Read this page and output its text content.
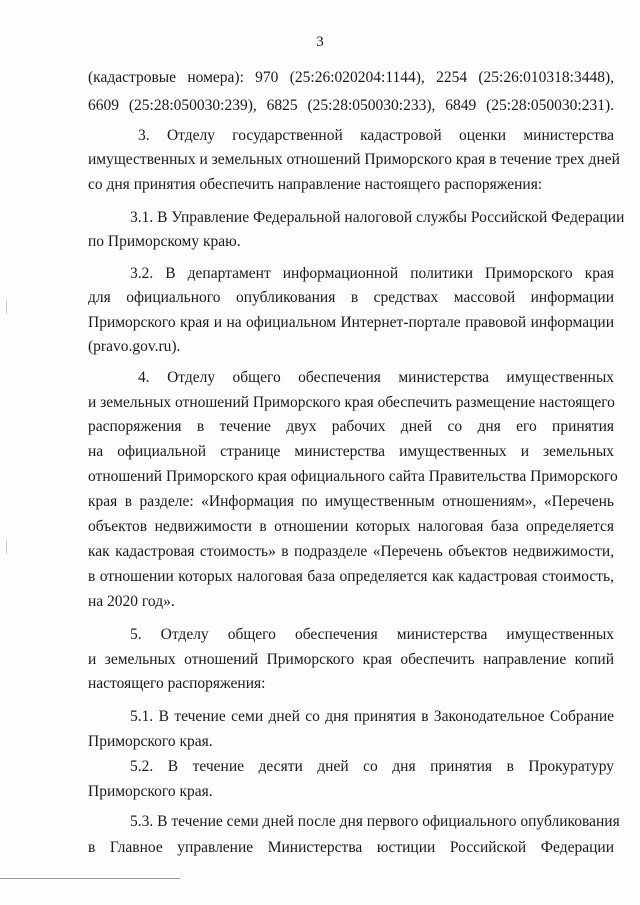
3
(кадастровые номера): 970 (25:26:020204:1144), 2254 (25:26:010318:3448),
6609 (25:28:050030:239), 6825 (25:28:050030:233), 6849 (25:28:050030:231).
3. Отделу государственной кадастровой оценки министерства
имущественных и земельных отношений Приморского края в течение трех дней
со дня принятия обеспечить направление настоящего распоряжения:
3.1. В Управление Федеральной налоговой службы Российской Федерации
по Приморскому краю.
3.2. В департамент информационной политики Приморского края
для официального опубликования в средствах массовой информации
Приморского края и на официальном Интернет-портале правовой информации
(pravo.gov.ru).
4. Отделу общего обеспечения министерства имущественных
и земельных отношений Приморского края обеспечить размещение настоящего
распоряжения в течение двух рабочих дней со дня его принятия
на официальной странице министерства имущественных и земельных
отношений Приморского края официального сайта Правительства Приморского
края в разделе: «Информация по имущественным отношениям», «Перечень
объектов недвижимости в отношении которых налоговая база определяется
как кадастровая стоимость» в подразделе «Перечень объектов недвижимости,
в отношении которых налоговая база определяется как кадастровая стоимость,
на 2020 год».
5. Отделу общего обеспечения министерства имущественных
и земельных отношений Приморского края обеспечить направление копий
настоящего распоряжения:
5.1. В течение семи дней со дня принятия в Законодательное Собрание
Приморского края.
5.2. В течение десяти дней со дня принятия в Прокуратуру
Приморского края.
5.3. В течение семи дней после дня первого официального опубликования
в Главное управление Министерства юстиции Российской Федерации
